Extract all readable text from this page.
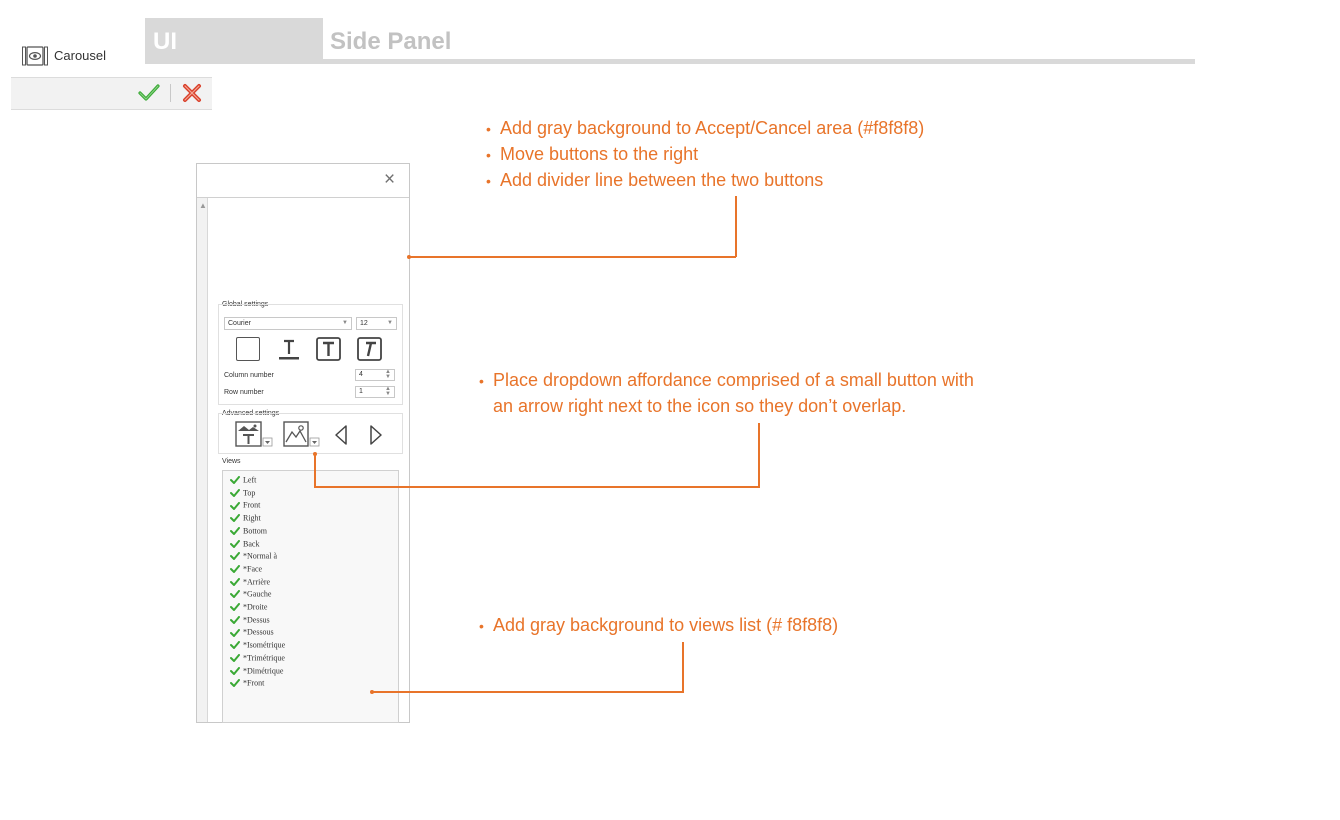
UI	Side Panel
×
▲
Carousel
Global settings
Courier	▼	12	▼
Column number	4	▲
▼
Row number	1	▲
▼
Advanced settings
Views
Left
Top
Front
Right
Bottom
Back
*Normal à
*Face
*Arrière
*Gauche
*Droite
*Dessus
*Dessous
*Isométrique
*Trimétrique
*Dimétrique
*Front
• Add gray background to Accept/Cancel area (#f8f8f8)
• Move buttons to the right
• Add divider line between the two buttons
• Place dropdown affordance comprised of a small button with
an arrow right next to the icon so they don’t overlap.
• Add gray background to views list (# f8f8f8)
